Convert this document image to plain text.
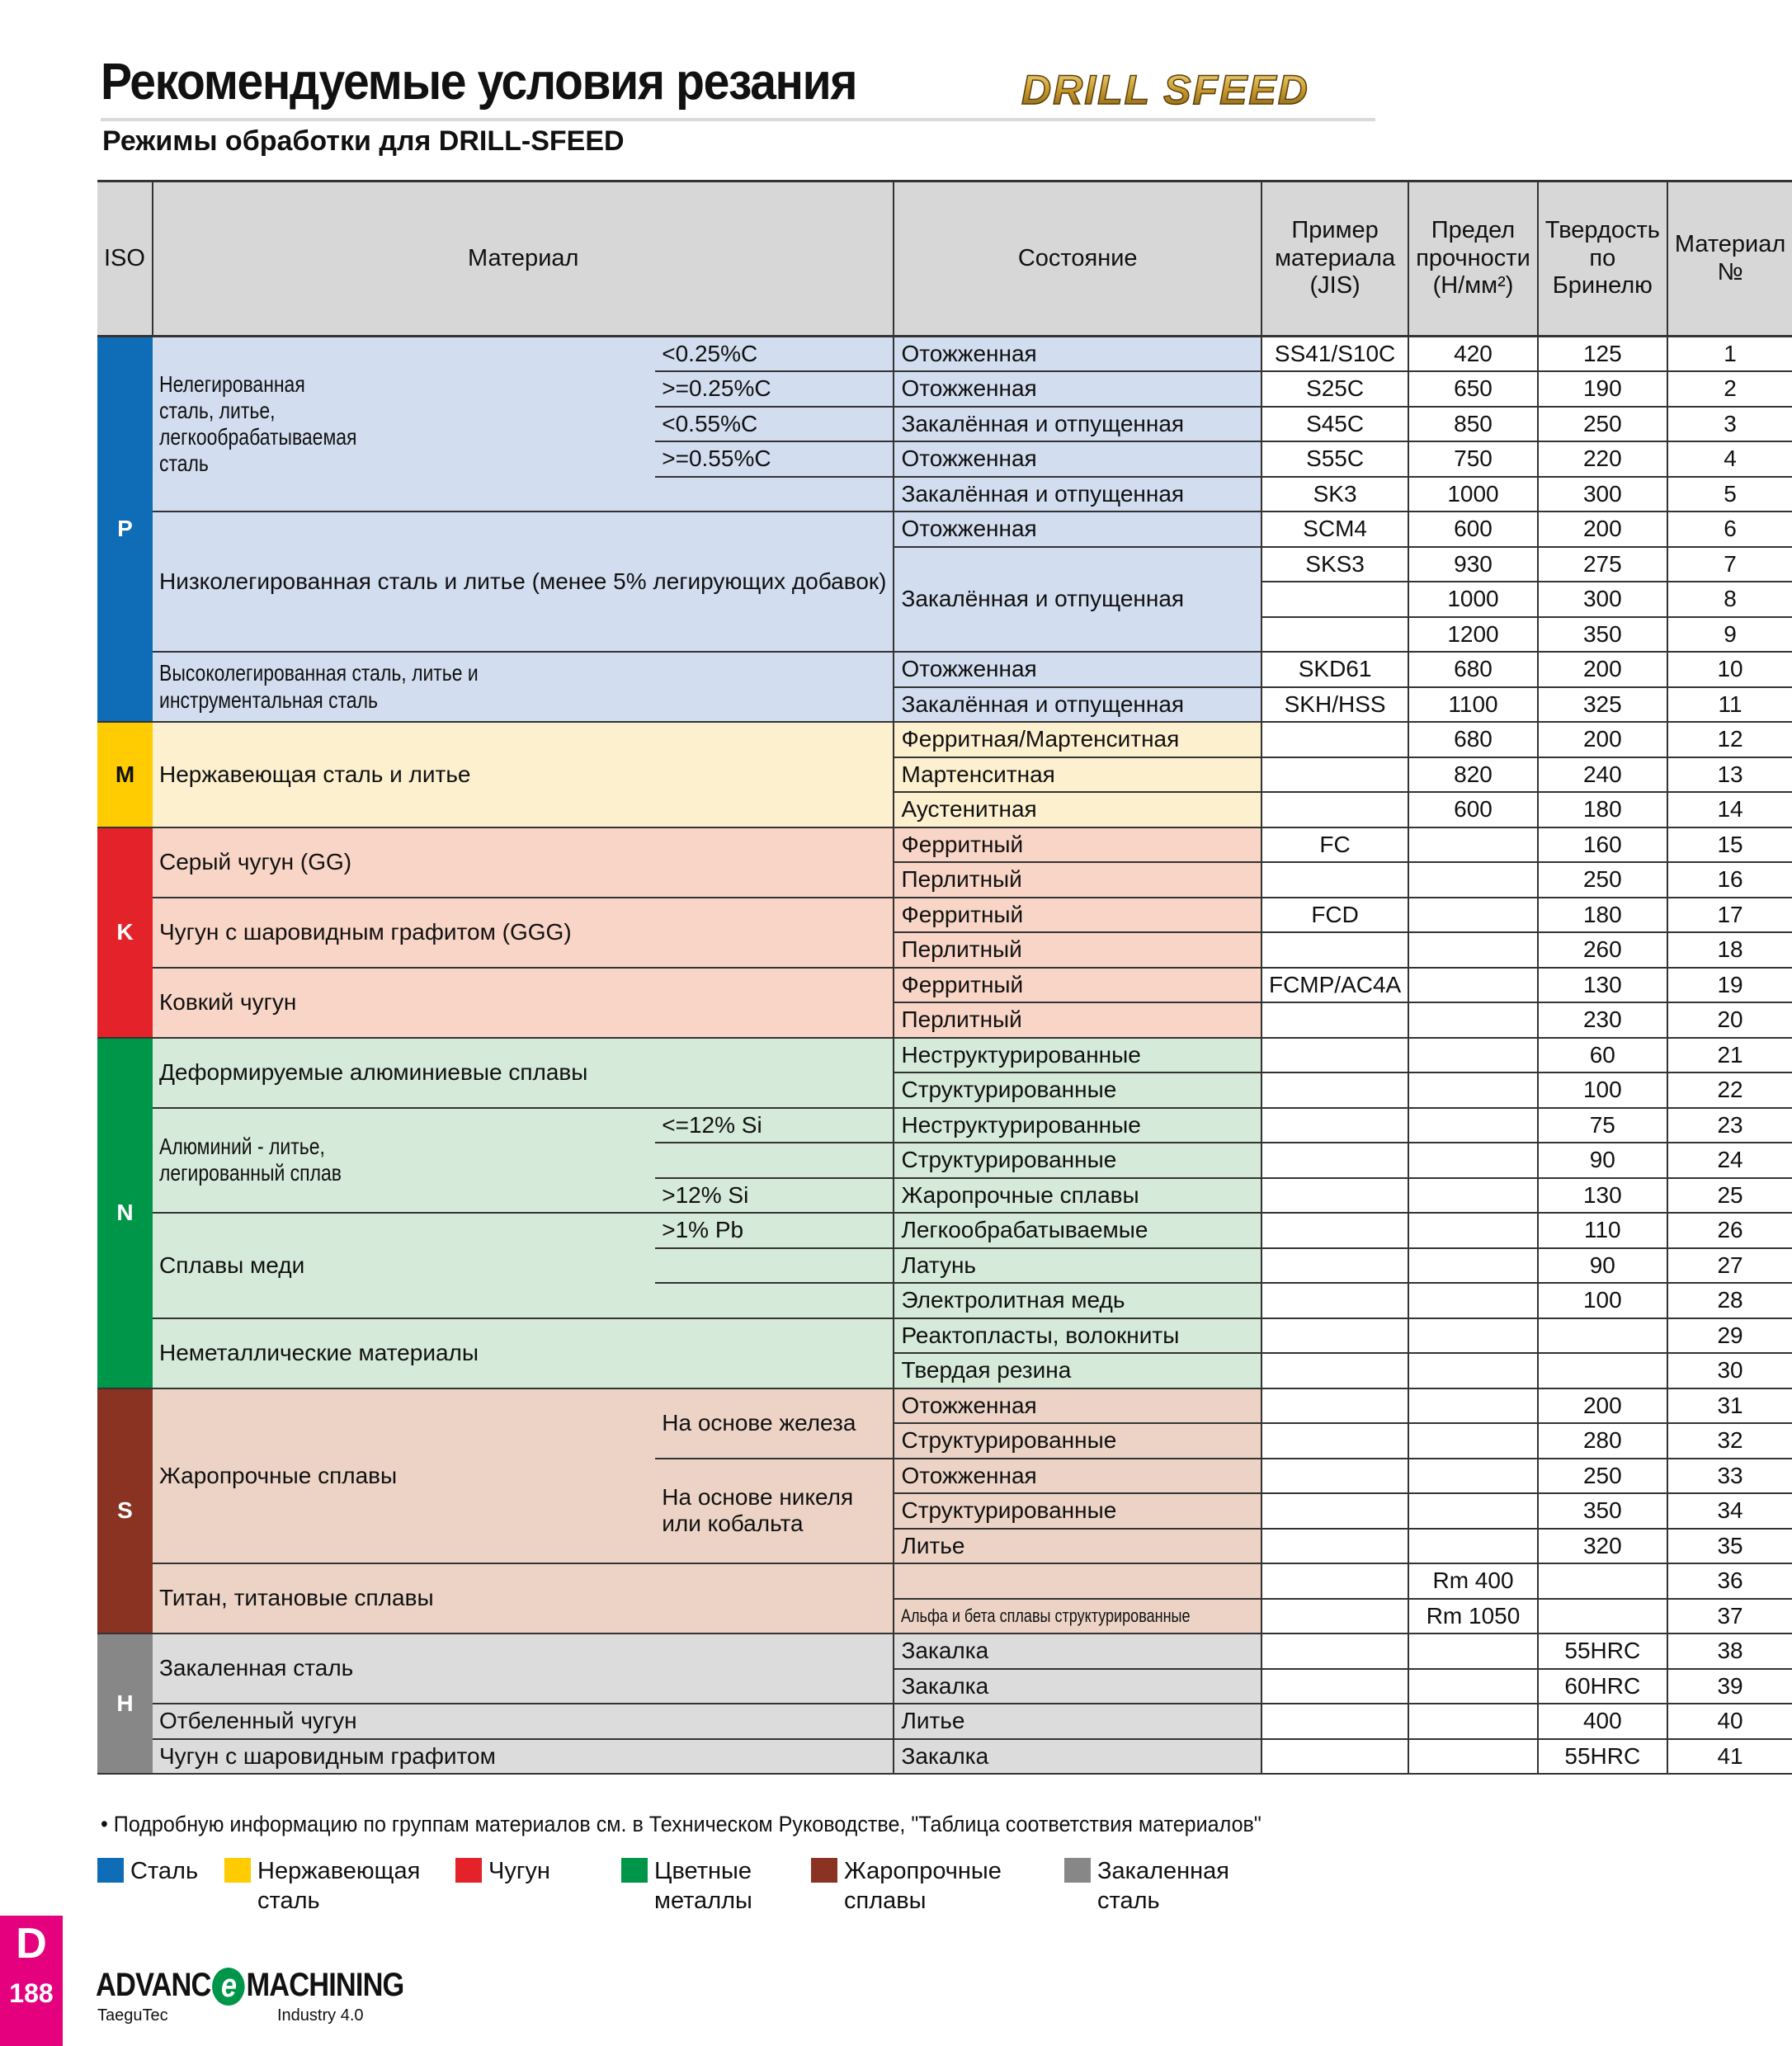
Рекомендуемые условия резания
Режимы обработки для DRILL-SFEED
DRILL SFEED
ISO	Материал		Состояние	Пример материала (JIS)	Предел прочности (Н/мм²)	Твердость по Бринелю	Материал №
P	Нелегированная сталь, литье, легкообрабатываемая сталь	<0.25%C	Отожженная	SS41/S10C	420	125	1
		>=0.25%C	Отожженная	S25C	650	190	2
		<0.55%C	Закалённая и отпущенная	S45C	850	250	3
		>=0.55%C	Отожженная	S55C	750	220	4
			Закалённая и отпущенная	SK3	1000	300	5
	Низколегированная сталь и литье (менее 5% легирующих добавок)		Отожженная	SCM4	600	200	6
			Закалённая и отпущенная	SKS3	930	275	7
					1000	300	8
					1200	350	9
	Высоколегированная сталь, литье и инструментальная сталь		Отожженная	SKD61	680	200	10
			Закалённая и отпущенная	SKH/HSS	1100	325	11
M	Нержавеющая сталь и литье		Ферритная/Мартенситная		680	200	12
			Мартенситная		820	240	13
			Аустенитная		600	180	14
K	Серый чугун (GG)		Ферритный	FC		160	15
			Перлитный			250	16
	Чугун с шаровидным графитом (GGG)		Ферритный	FCD		180	17
			Перлитный			260	18
	Ковкий чугун		Ферритный	FCMP/AC4A		130	19
			Перлитный			230	20
N	Деформируемые алюминиевые сплавы		Неструктурированные			60	21
			Структурированные			100	22
	Алюминий - литье, легированный сплав	<=12% Si	Неструктурированные			75	23
			Структурированные			90	24
		>12% Si	Жаропрочные сплавы			130	25
	Сплавы меди	>1% Pb	Легкообрабатываемые			110	26
			Латунь			90	27
			Электролитная медь			100	28
	Неметаллические материалы		Реактопласты, волокниты				29
			Твердая резина				30
S	Жаропрочные сплавы	На основе железа	Отожженная			200	31
			Структурированные			280	32
		На основе никеля или кобальта	Отожженная			250	33
			Структурированные			350	34
			Литье			320	35
	Титан, титановые сплавы				Rm 400		36
			Альфа и бета сплавы структурированные		Rm 1050		37
H	Закаленная сталь		Закалка			55HRC	38
			Закалка			60HRC	39
	Отбеленный чугун		Литье			400	40
	Чугун с шаровидным графитом		Закалка			55HRC	41
• Подробную информацию по группам материалов см. в Техническом Руководстве, "Таблица соответствия материалов"
Сталь Нержавеющая
сталь
Чугун	Цветные
металлы
Жаропрочные
сплавы
Закаленная
сталь
D
188 ADVANC e MACHINING
TaeguTec	Industry 4.0
